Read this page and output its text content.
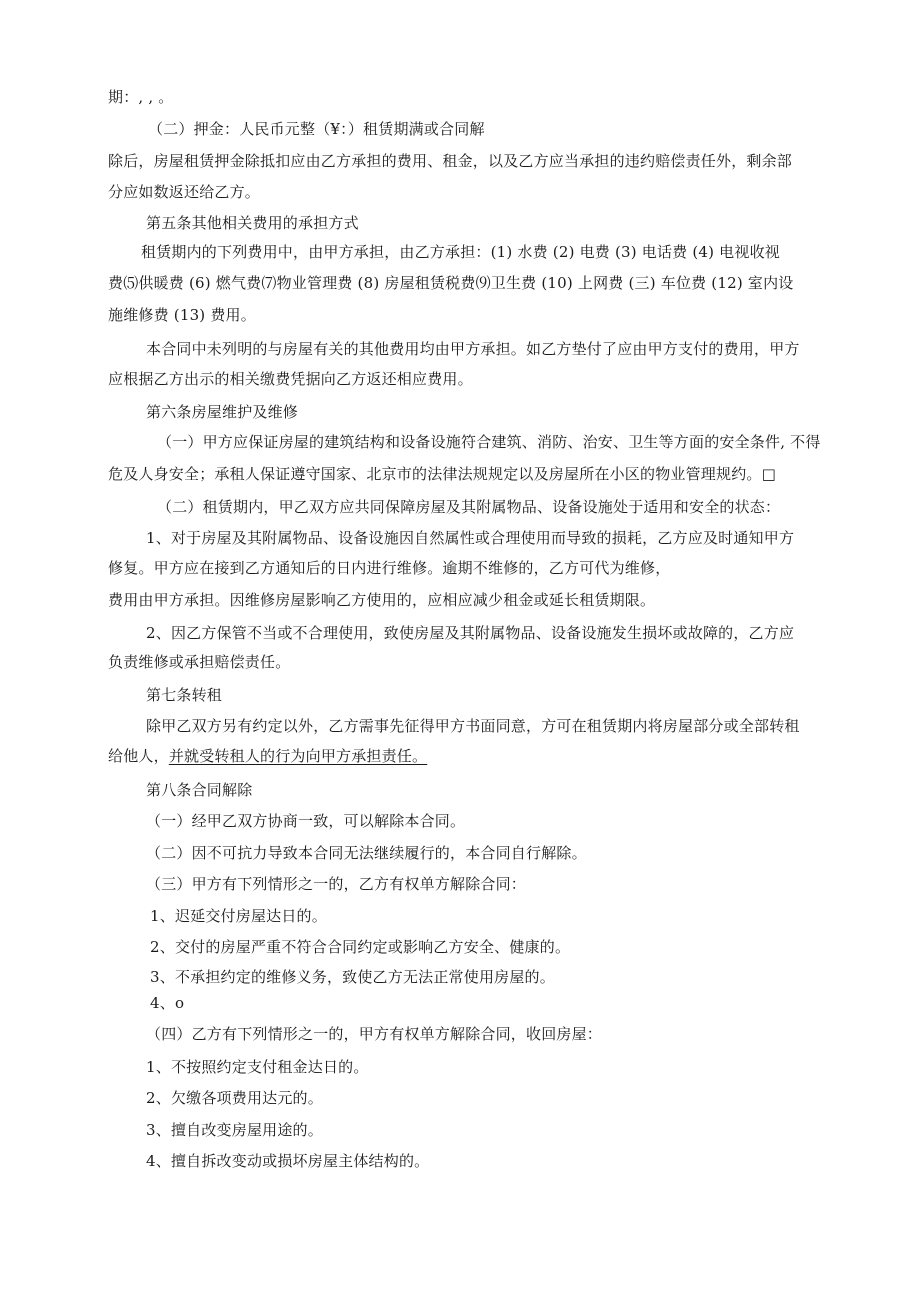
期：, , 。
（二）押金：人民币元整（¥：）租赁期满或合同解
除后，房屋租赁押金除抵扣应由乙方承担的费用、租金，以及乙方应当承担的违约赔偿责任外，剩余部
分应如数返还给乙方。
第五条其他相关费用的承担方式
租赁期内的下列费用中，由甲方承担，由乙方承担：(1) 水费 (2) 电费 (3) 电话费 (4) 电视收视
费⑸供暖费 (6) 燃气费⑺物业管理费 (8) 房屋租赁税费⑼卫生费 (10) 上网费 (三) 车位费 (12) 室内设
施维修费 (13) 费用。
本合同中未列明的与房屋有关的其他费用均由甲方承担。如乙方垫付了应由甲方支付的费用，甲方
应根据乙方出示的相关缴费凭据向乙方返还相应费用。
第六条房屋维护及维修
（一）甲方应保证房屋的建筑结构和设备设施符合建筑、消防、治安、卫生等方面的安全条件, 不得
危及人身安全；承租人保证遵守国家、北京市的法律法规规定以及房屋所在小区的物业管理规约。□
（二）租赁期内，甲乙双方应共同保障房屋及其附属物品、设备设施处于适用和安全的状态：
1、对于房屋及其附属物品、设备设施因自然属性或合理使用而导致的损耗，乙方应及时通知甲方
修复。甲方应在接到乙方通知后的日内进行维修。逾期不维修的，乙方可代为维修，
费用由甲方承担。因维修房屋影响乙方使用的，应相应减少租金或延长租赁期限。
2、因乙方保管不当或不合理使用，致使房屋及其附属物品、设备设施发生损坏或故障的，乙方应
负责维修或承担赔偿责任。
第七条转租
除甲乙双方另有约定以外，乙方需事先征得甲方书面同意，方可在租赁期内将房屋部分或全部转租
给他人，并就受转租人的行为向甲方承担责任。
第八条合同解除
（一）经甲乙双方协商一致，可以解除本合同。
（二）因不可抗力导致本合同无法继续履行的，本合同自行解除。
（三）甲方有下列情形之一的，乙方有权单方解除合同：
1、迟延交付房屋达日的。
2、交付的房屋严重不符合合同约定或影响乙方安全、健康的。
3、不承担约定的维修义务，致使乙方无法正常使用房屋的。
4、o
（四）乙方有下列情形之一的，甲方有权单方解除合同，收回房屋：
1、不按照约定支付租金达日的。
2、欠缴各项费用达元的。
3、擅自改变房屋用途的。
4、擅自拆改变动或损坏房屋主体结构的。
